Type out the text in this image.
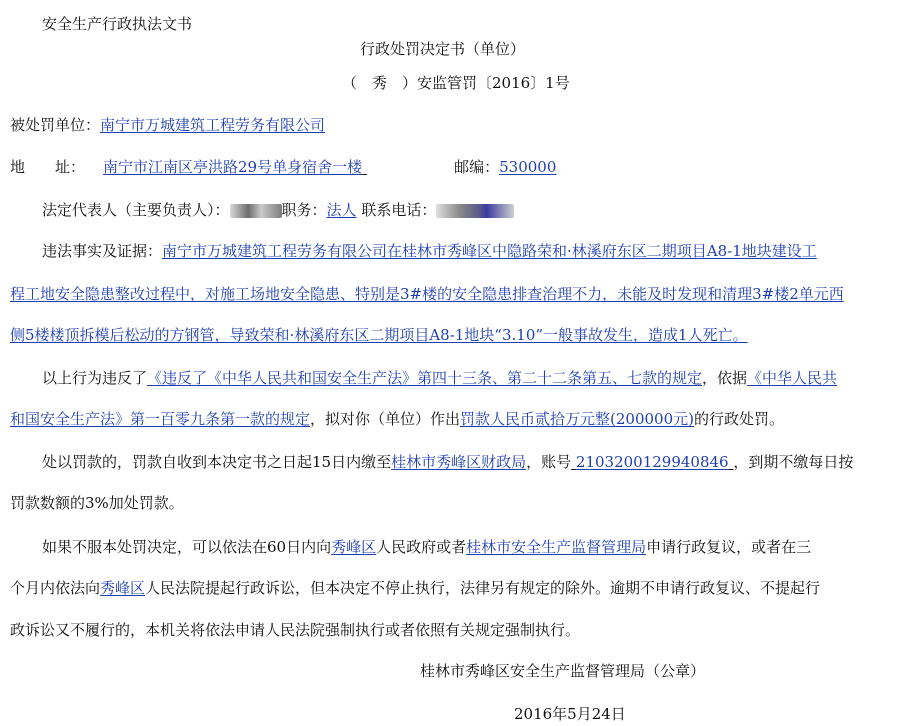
安全生产行政执法文书
行政处罚决定书（单位）
（　秀　）安监管罚〔2016〕1号
被处罚单位：南宁市万城建筑工程劳务有限公司
地　　址： 南宁市江南区亭洪路29号单身宿舍一楼	邮编：530000
法定代表人（主要负责人）：	职务：法人 联系电话：
违法事实及证据：南宁市万城建筑工程劳务有限公司在桂林市秀峰区中隐路荣和·林溪府东区二期项目A8-1地块建设工
程工地安全隐患整改过程中，对施工场地安全隐患、特别是3#楼的安全隐患排查治理不力，未能及时发现和清理3#楼2单元西
侧5楼楼顶拆模后松动的方钢管，导致荣和·林溪府东区二期项目A8-1地块“3.10”一般事故发生，造成1人死亡。
以上行为违反了《违反了《中华人民共和国安全生产法》第四十三条、第二十二条第五、七款的规定，依据《中华人民共
和国安全生产法》第一百零九条第一款的规定，拟对你（单位）作出罚款人民币贰拾万元整(200000元)的行政处罚。
处以罚款的，罚款自收到本决定书之日起15日内缴至桂林市秀峰区财政局，账号 2103200129940846 ，到期不缴每日按
罚款数额的3%加处罚款。
如果不服本处罚决定，可以依法在60日内向秀峰区人民政府或者桂林市安全生产监督管理局申请行政复议，或者在三
个月内依法向秀峰区人民法院提起行政诉讼，但本决定不停止执行，法律另有规定的除外。逾期不申请行政复议、不提起行
政诉讼又不履行的，本机关将依法申请人民法院强制执行或者依照有关规定强制执行。
桂林市秀峰区安全生产监督管理局（公章）
2016年5月24日
